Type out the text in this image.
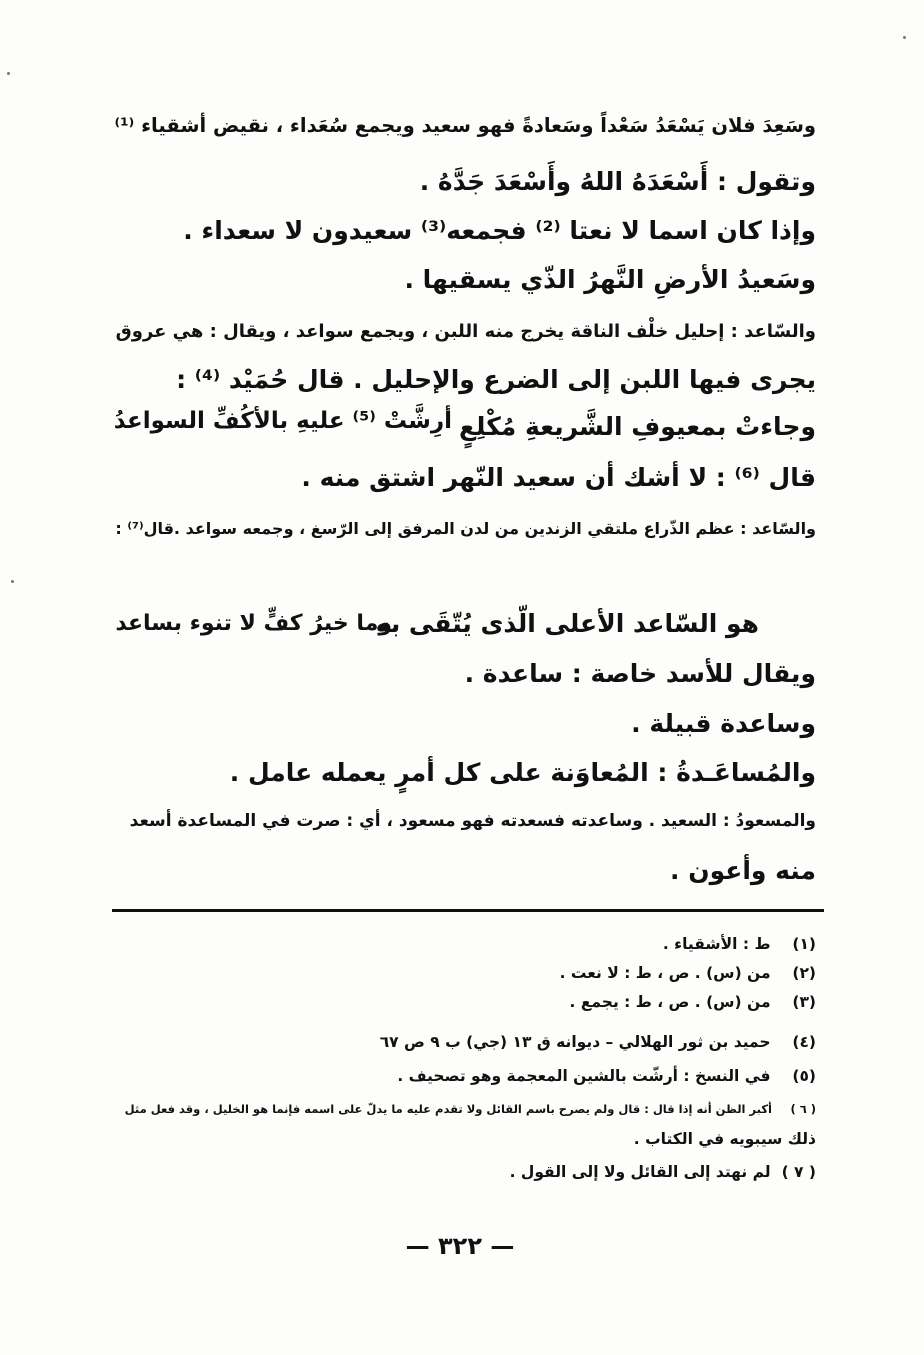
وسَعِدَ فلان يَسْعَدُ سَعْداً وسَعادةً فهو سعيد ويجمع سُعَداء ، نقيض أشقياء ⁽¹⁾
وتقول : أَسْعَدَهُ اللهُ وأَسْعَدَ جَدَّهُ .
وإذا كان اسما لا نعتا ⁽²⁾ فجمعه⁽³⁾ سعيدون لا سعداء .
وسَعيدُ الأرضِ النَّهرُ الذّي يسقيها .
والسّاعد : إحليل خلْف الناقة يخرج منه اللبن ، ويجمع سواعد ، ويقال : هي عروق
يجرى فيها اللبن إلى الضرع والإحليل . قال حُمَيْد ⁽⁴⁾ :
وجاءتْ بمعيوفِ الشَّريعةِ مُكْلِعٍ
أرِشَّتْ ⁽⁵⁾ عليهِ بالأكُفِّ السواعدُ
قال ⁽⁶⁾ : لا أشك أن سعيد النّهر اشتق منه .
والسّاعد : عظم الذّراع ملتقي الزندين من لدن المرفق إلى الرّسغ ، وجمعه سواعد .قال⁽⁷⁾ :
هو السّاعد الأعلى الّذى يُتّقَى به
وما خيرُ كفٍّ لا تنوء بساعد
ويقال للأسد خاصة : ساعدة .
وساعدة قبيلة .
والمُساعَـدةُ : المُعاوَنة على كل أمرٍ يعمله عامل .
والمسعودُ : السعيد . وساعدته فسعدته فهو مسعود ، أي : صرت في المساعدة أسعد
منه وأعون .
(١) ط : الأشقياء .
(٢) من (س) . ص ، ط : لا نعت .
(٣) من (س) . ص ، ط : يجمع .
(٤) حميد بن ثور الهلالي – ديوانه ق ١٣ (جي) ب ٩ ص ٦٧
(٥) في النسخ : أرشّت بالشين المعجمة وهو تصحيف .
( ٦ ) أكبر الظن أنه إذا قال : قال ولم يصرح باسم القائل ولا تقدم عليه ما يدلّ على اسمه فإنما هو الخليل ، وقد فعل مثل
ذلك سيبويه في الكتاب .
( ٧ ) لم نهتد إلى القائل ولا إلى القول .
— ٣٢٢ —
